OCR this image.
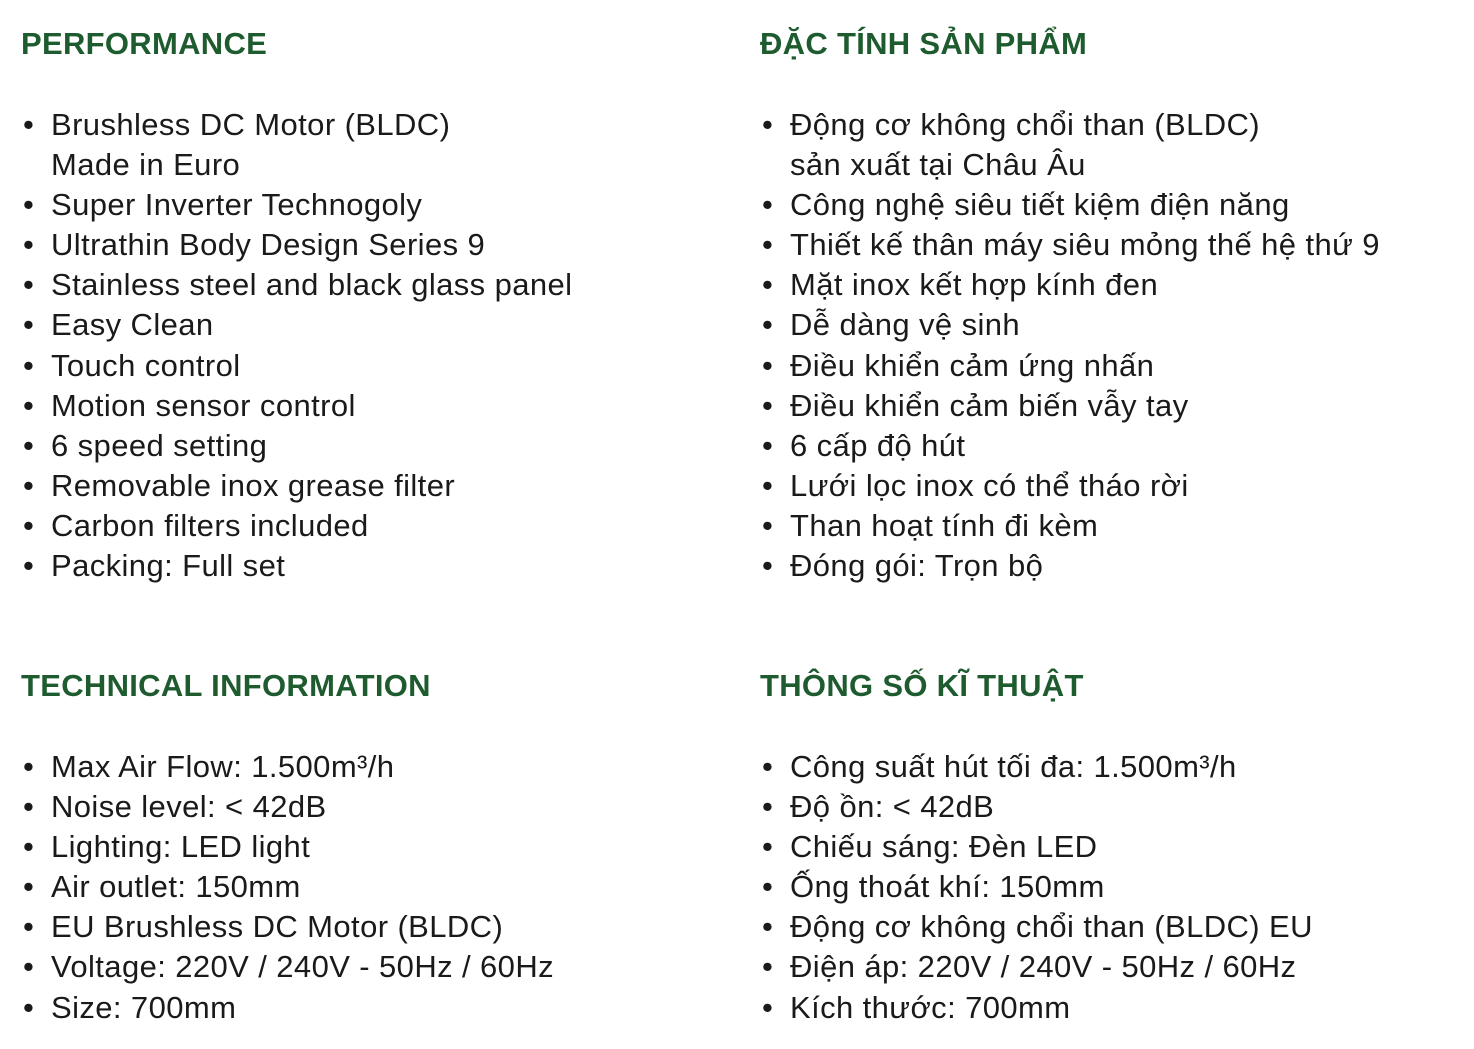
PERFORMANCE
• Brushless DC Motor (BLDC)
Made in Euro
• Super Inverter Technogoly
• Ultrathin Body Design Series 9
• Stainless steel and black glass panel
• Easy Clean
• Touch control
• Motion sensor control
• 6 speed setting
• Removable inox grease filter
• Carbon filters included
• Packing: Full set
ĐẶC TÍNH SẢN PHẨM
• Động cơ không chổi than (BLDC)
sản xuất tại Châu Âu
• Công nghệ siêu tiết kiệm điện năng
• Thiết kế thân máy siêu mỏng thế hệ thứ 9
• Mặt inox kết hợp kính đen
• Dễ dàng vệ sinh
• Điều khiển cảm ứng nhấn
• Điều khiển cảm biến vẫy tay
• 6 cấp độ hút
• Lưới lọc inox có thể tháo rời
• Than hoạt tính đi kèm
• Đóng gói: Trọn bộ
TECHNICAL INFORMATION
• Max Air Flow: 1.500m³/h
• Noise level: < 42dB
• Lighting: LED light
• Air outlet: 150mm
• EU Brushless DC Motor (BLDC)
• Voltage: 220V / 240V - 50Hz / 60Hz
• Size: 700mm
THÔNG SỐ KĨ THUẬT
• Công suất hút tối đa: 1.500m³/h
• Độ ồn: < 42dB
• Chiếu sáng: Đèn LED
• Ống thoát khí: 150mm
• Động cơ không chổi than (BLDC) EU
• Điện áp: 220V / 240V - 50Hz / 60Hz
• Kích thước: 700mm
